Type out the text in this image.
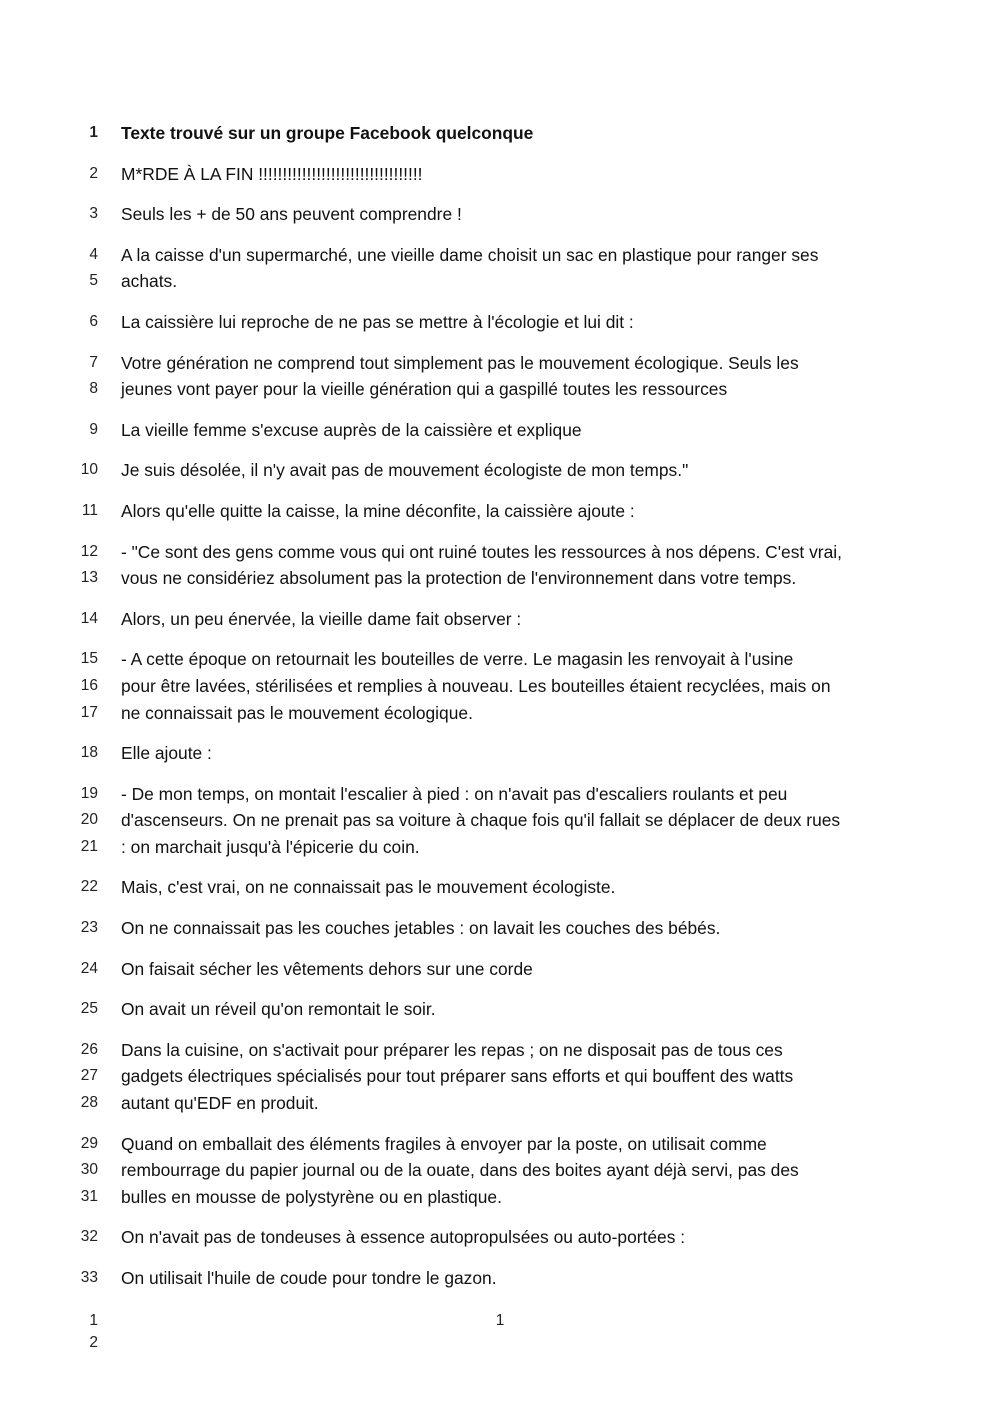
1 Texte trouvé sur un groupe Facebook quelconque
2 M*RDE À LA FIN !!!!!!!!!!!!!!!!!!!!!!!!!!!!!!!!!!
3 Seuls les + de 50 ans peuvent comprendre !
4 A la caisse d'un supermarché, une vieille dame choisit un sac en plastique pour ranger ses
5 achats.
6 La caissière lui reproche de ne pas se mettre à l'écologie et lui dit :
7 Votre génération ne comprend tout simplement pas le mouvement écologique. Seuls les
8 jeunes vont payer pour la vieille génération qui a gaspillé toutes les ressources
9 La vieille femme s'excuse auprès de la caissière et explique
10 Je suis désolée, il n'y avait pas de mouvement écologiste de mon temps."
11 Alors qu'elle quitte la caisse, la mine déconfite, la caissière ajoute :
12 - "Ce sont des gens comme vous qui ont ruiné toutes les ressources à nos dépens. C'est vrai,
13 vous ne considériez absolument pas la protection de l'environnement dans votre temps.
14 Alors, un peu énervée, la vieille dame fait observer :
15 - A cette époque on retournait les bouteilles de verre. Le magasin les renvoyait à l'usine
16 pour être lavées, stérilisées et remplies à nouveau. Les bouteilles étaient recyclées, mais on
17 ne connaissait pas le mouvement écologique.
18 Elle ajoute :
19 - De mon temps, on montait l'escalier à pied : on n'avait pas d'escaliers roulants et peu
20 d'ascenseurs. On ne prenait pas sa voiture à chaque fois qu'il fallait se déplacer de deux rues
21 : on marchait jusqu'à l'épicerie du coin.
22 Mais, c'est vrai, on ne connaissait pas le mouvement écologiste.
23 On ne connaissait pas les couches jetables : on lavait les couches des bébés.
24 On faisait sécher les vêtements dehors sur une corde
25 On avait un réveil qu'on remontait le soir.
26 Dans la cuisine, on s'activait pour préparer les repas ; on ne disposait pas de tous ces
27 gadgets électriques spécialisés pour tout préparer sans efforts et qui bouffent des watts
28 autant qu'EDF en produit.
29 Quand on emballait des éléments fragiles à envoyer par la poste, on utilisait comme
30 rembourrage du papier journal ou de la ouate, dans des boites ayant déjà servi, pas des
31 bulles en mousse de polystyrène ou en plastique.
32 On n'avait pas de tondeuses à essence autopropulsées ou auto-portées :
33 On utilisait l'huile de coude pour tondre le gazon.
1
2
1
